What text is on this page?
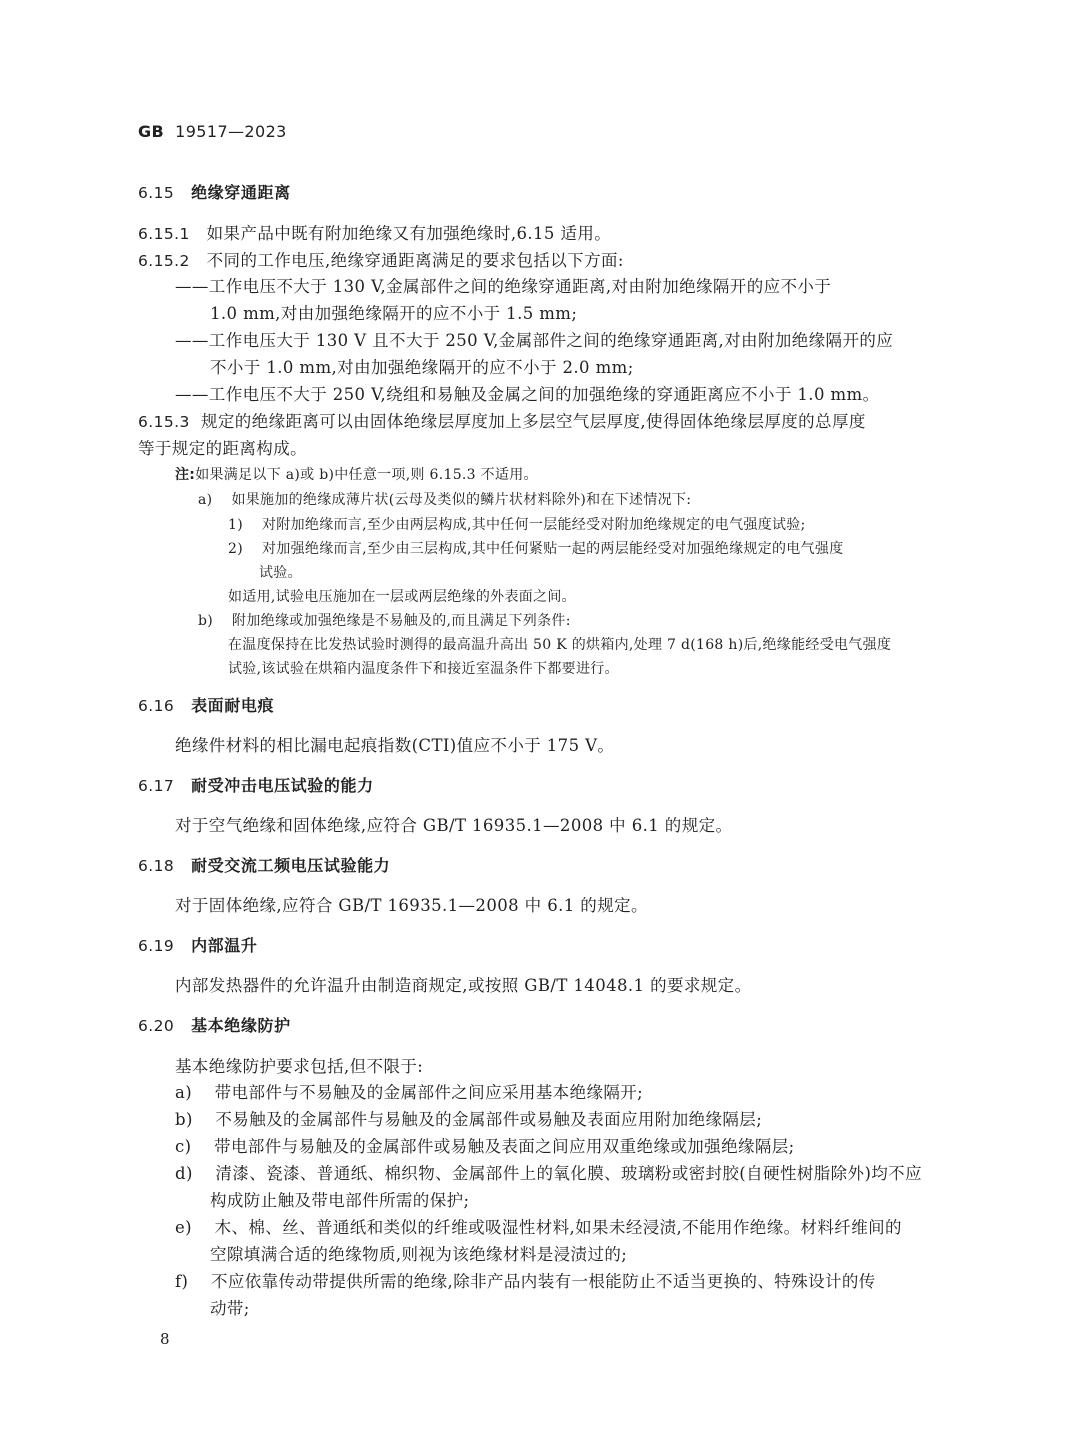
GB 19517—2023
6.15 绝缘穿通距离
6.15.1 如果产品中既有附加绝缘又有加强绝缘时,6.15 适用。
6.15.2 不同的工作电压,绝缘穿通距离满足的要求包括以下方面:
——工作电压不大于 130 V,金属部件之间的绝缘穿通距离,对由附加绝缘隔开的应不小于
1.0 mm,对由加强绝缘隔开的应不小于 1.5 mm;
——工作电压大于 130 V 且不大于 250 V,金属部件之间的绝缘穿通距离,对由附加绝缘隔开的应
不小于 1.0 mm,对由加强绝缘隔开的应不小于 2.0 mm;
——工作电压不大于 250 V,绕组和易触及金属之间的加强绝缘的穿通距离应不小于 1.0 mm。
6.15.3 规定的绝缘距离可以由固体绝缘层厚度加上多层空气层厚度,使得固体绝缘层厚度的总厚度
等于规定的距离构成。
注:如果满足以下 a)或 b)中任意一项,则 6.15.3 不适用。
a) 如果施加的绝缘成薄片状(云母及类似的鳞片状材料除外)和在下述情况下:
1) 对附加绝缘而言,至少由两层构成,其中任何一层能经受对附加绝缘规定的电气强度试验;
2) 对加强绝缘而言,至少由三层构成,其中任何紧贴一起的两层能经受对加强绝缘规定的电气强度
试验。
如适用,试验电压施加在一层或两层绝缘的外表面之间。
b) 附加绝缘或加强绝缘是不易触及的,而且满足下列条件:
在温度保持在比发热试验时测得的最高温升高出 50 K 的烘箱内,处理 7 d(168 h)后,绝缘能经受电气强度
试验,该试验在烘箱内温度条件下和接近室温条件下都要进行。
6.16 表面耐电痕
绝缘件材料的相比漏电起痕指数(CTI)值应不小于 175 V。
6.17 耐受冲击电压试验的能力
对于空气绝缘和固体绝缘,应符合 GB/T 16935.1—2008 中 6.1 的规定。
6.18 耐受交流工频电压试验能力
对于固体绝缘,应符合 GB/T 16935.1—2008 中 6.1 的规定。
6.19 内部温升
内部发热器件的允许温升由制造商规定,或按照 GB/T 14048.1 的要求规定。
6.20 基本绝缘防护
基本绝缘防护要求包括,但不限于:
a) 带电部件与不易触及的金属部件之间应采用基本绝缘隔开;
b) 不易触及的金属部件与易触及的金属部件或易触及表面应用附加绝缘隔层;
c) 带电部件与易触及的金属部件或易触及表面之间应用双重绝缘或加强绝缘隔层;
d) 清漆、瓷漆、普通纸、棉织物、金属部件上的氧化膜、玻璃粉或密封胶(自硬性树脂除外)均不应
构成防止触及带电部件所需的保护;
e) 木、棉、丝、普通纸和类似的纤维或吸湿性材料,如果未经浸渍,不能用作绝缘。材料纤维间的
空隙填满合适的绝缘物质,则视为该绝缘材料是浸渍过的;
f) 不应依靠传动带提供所需的绝缘,除非产品内装有一根能防止不适当更换的、特殊设计的传
动带;
8
